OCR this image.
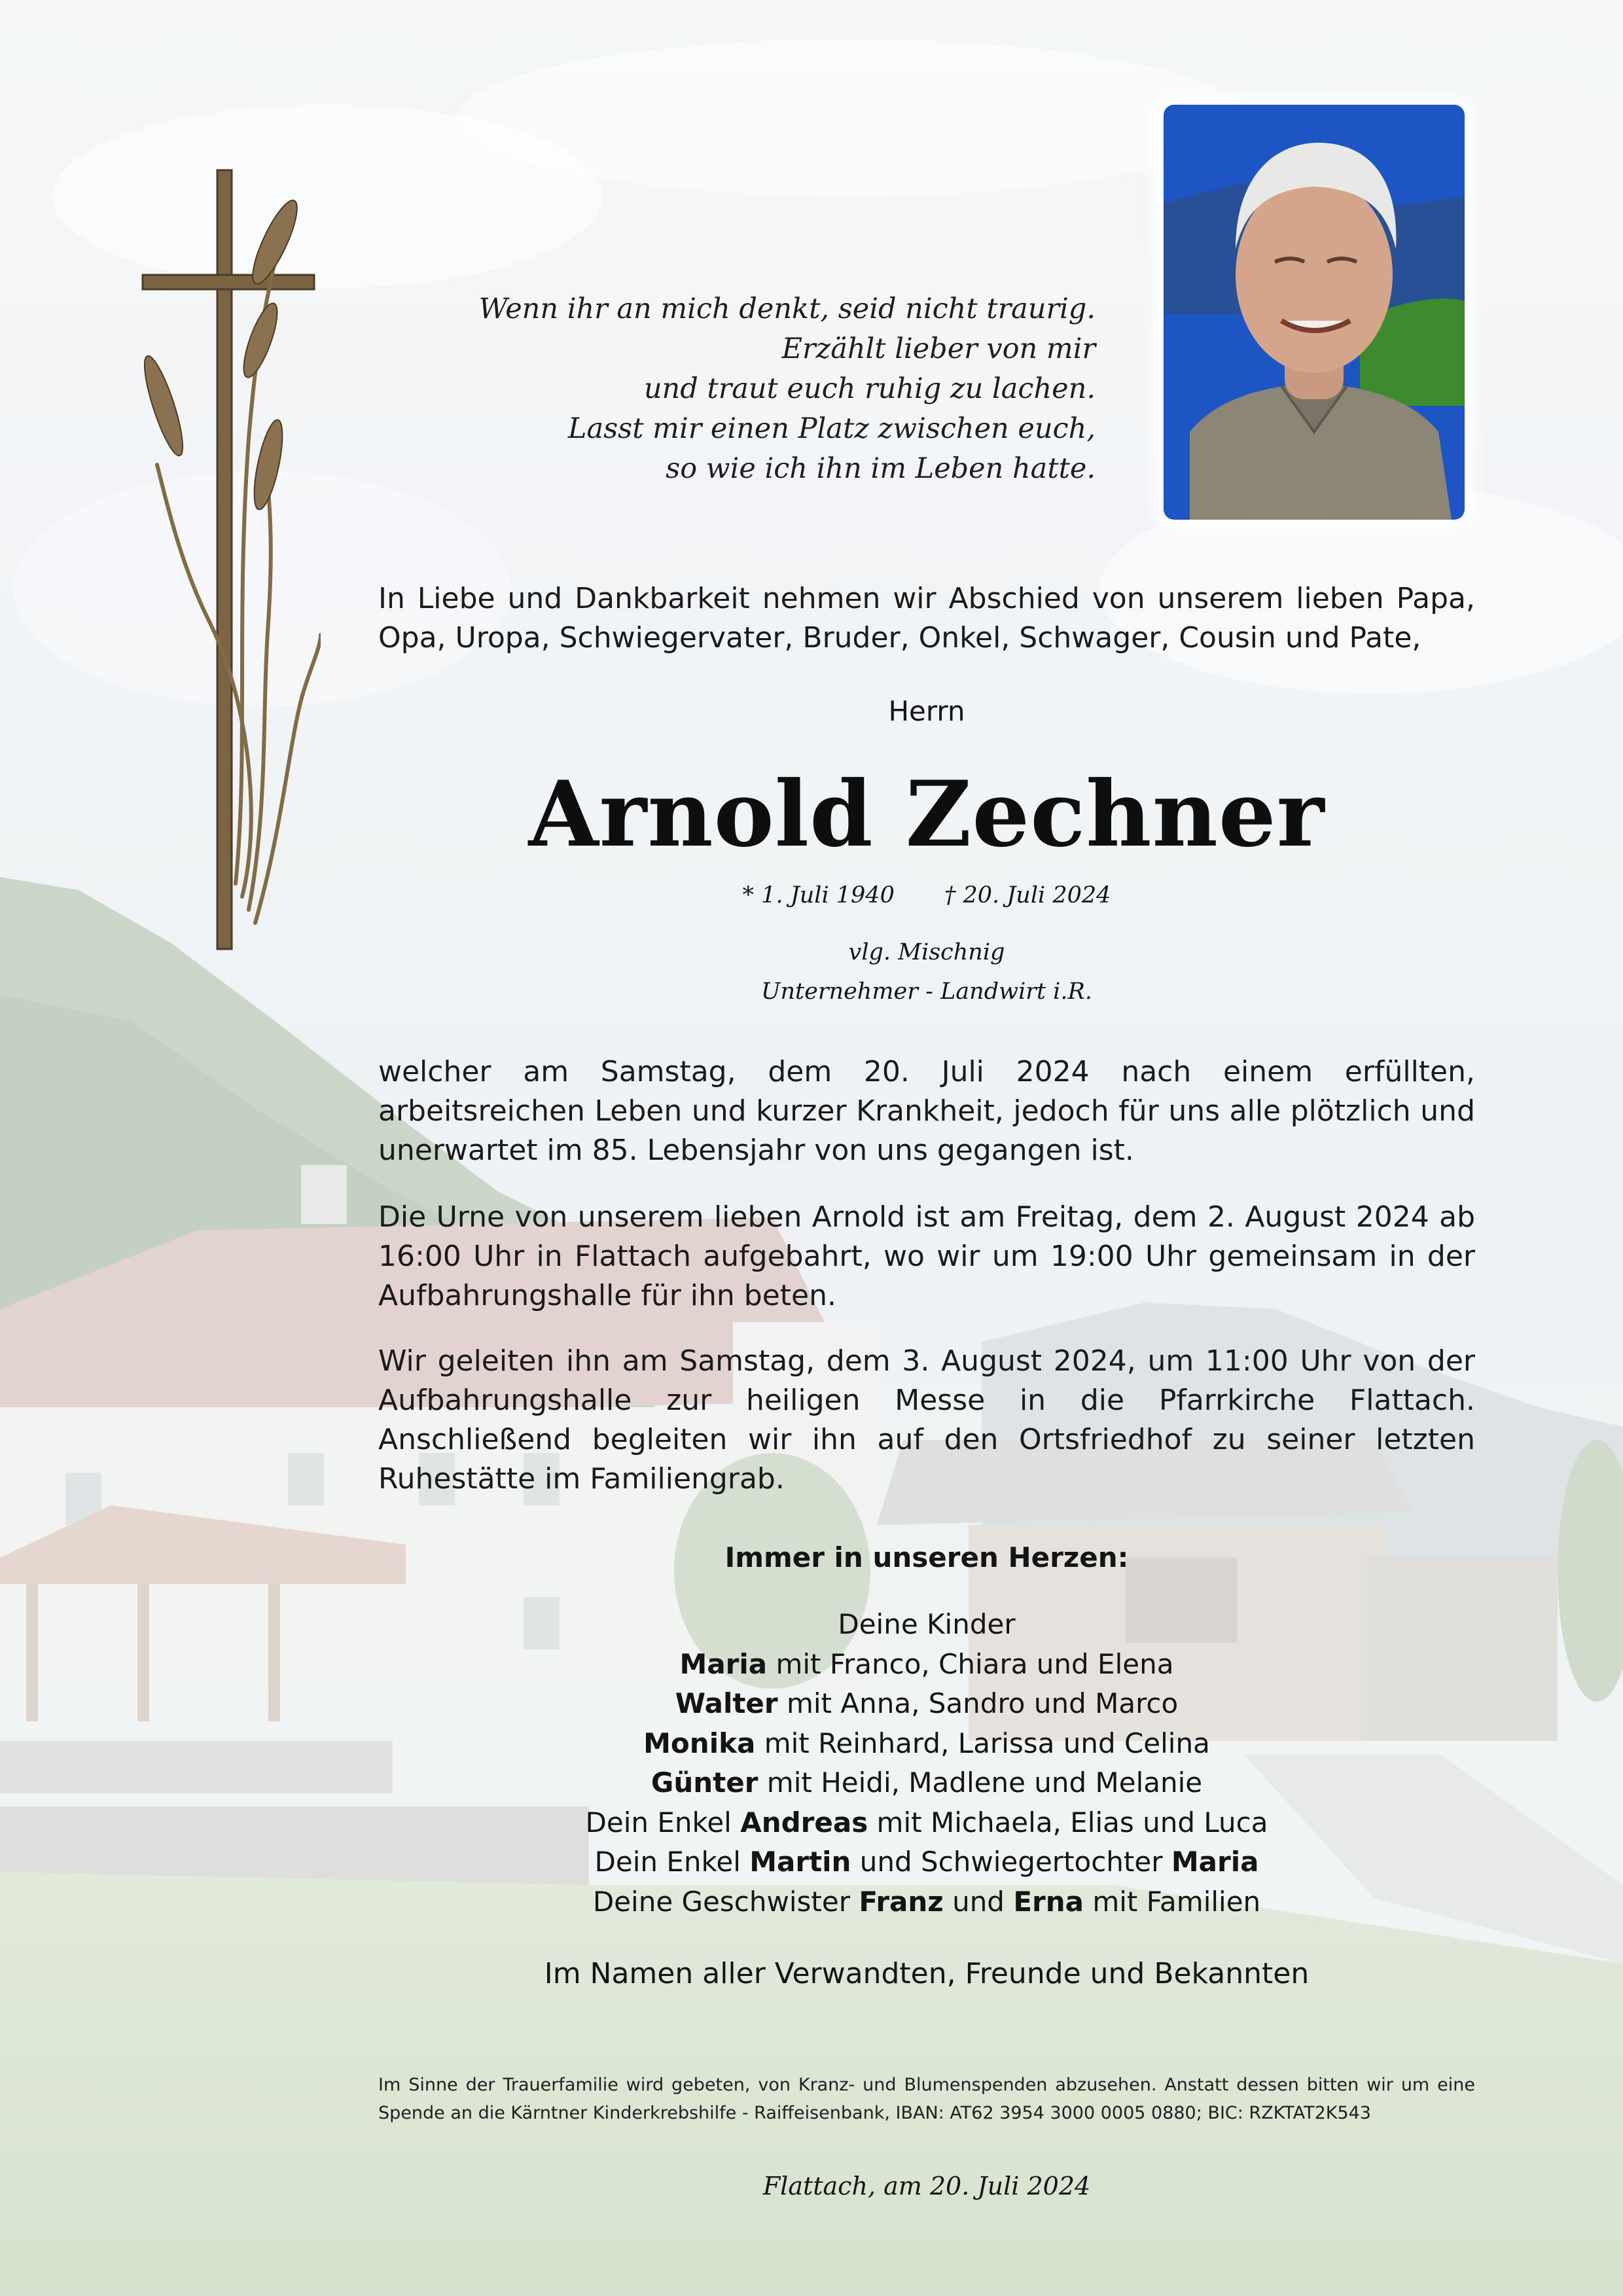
Wenn ihr an mich denkt, seid nicht traurig.
Erzählt lieber von mir
und traut euch ruhig zu lachen.
Lasst mir einen Platz zwischen euch,
so wie ich ihn im Leben hatte.
In Liebe und Dankbarkeit nehmen wir Abschied von unserem lieben Papa, Opa, Uropa, Schwiegervater, Bruder, Onkel, Schwager, Cousin und Pate,
Herrn
Arnold Zechner
* 1. Juli 1940 † 20. Juli 2024
vlg. Mischnig
Unternehmer - Landwirt i.R.
welcher am Samstag, dem 20. Juli 2024 nach einem erfüllten, arbeitsreichen Leben und kurzer Krankheit, jedoch für uns alle plötzlich und unerwartet im 85. Lebensjahr von uns gegangen ist.
Die Urne von unserem lieben Arnold ist am Freitag, dem 2. August 2024 ab 16:00 Uhr in Flattach aufgebahrt, wo wir um 19:00 Uhr gemeinsam in der Aufbahrungshalle für ihn beten.
Wir geleiten ihn am Samstag, dem 3. August 2024, um 11:00 Uhr von der Aufbahrungshalle zur heiligen Messe in die Pfarrkirche Flattach. Anschließend begleiten wir ihn auf den Ortsfriedhof zu seiner letzten Ruhestätte im Familiengrab.
Immer in unseren Herzen:
Deine Kinder
Maria mit Franco, Chiara und Elena
Walter mit Anna, Sandro und Marco
Monika mit Reinhard, Larissa und Celina
Günter mit Heidi, Madlene und Melanie
Dein Enkel Andreas mit Michaela, Elias und Luca
Dein Enkel Martin und Schwiegertochter Maria
Deine Geschwister Franz und Erna mit Familien
Im Namen aller Verwandten, Freunde und Bekannten
Im Sinne der Trauerfamilie wird gebeten, von Kranz- und Blumenspenden abzusehen. Anstatt dessen bitten wir um eine Spende an die Kärntner Kinderkrebshilfe - Raiffeisenbank, IBAN: AT62 3954 3000 0005 0880; BIC: RZKTAT2K543
Flattach, am 20. Juli 2024
